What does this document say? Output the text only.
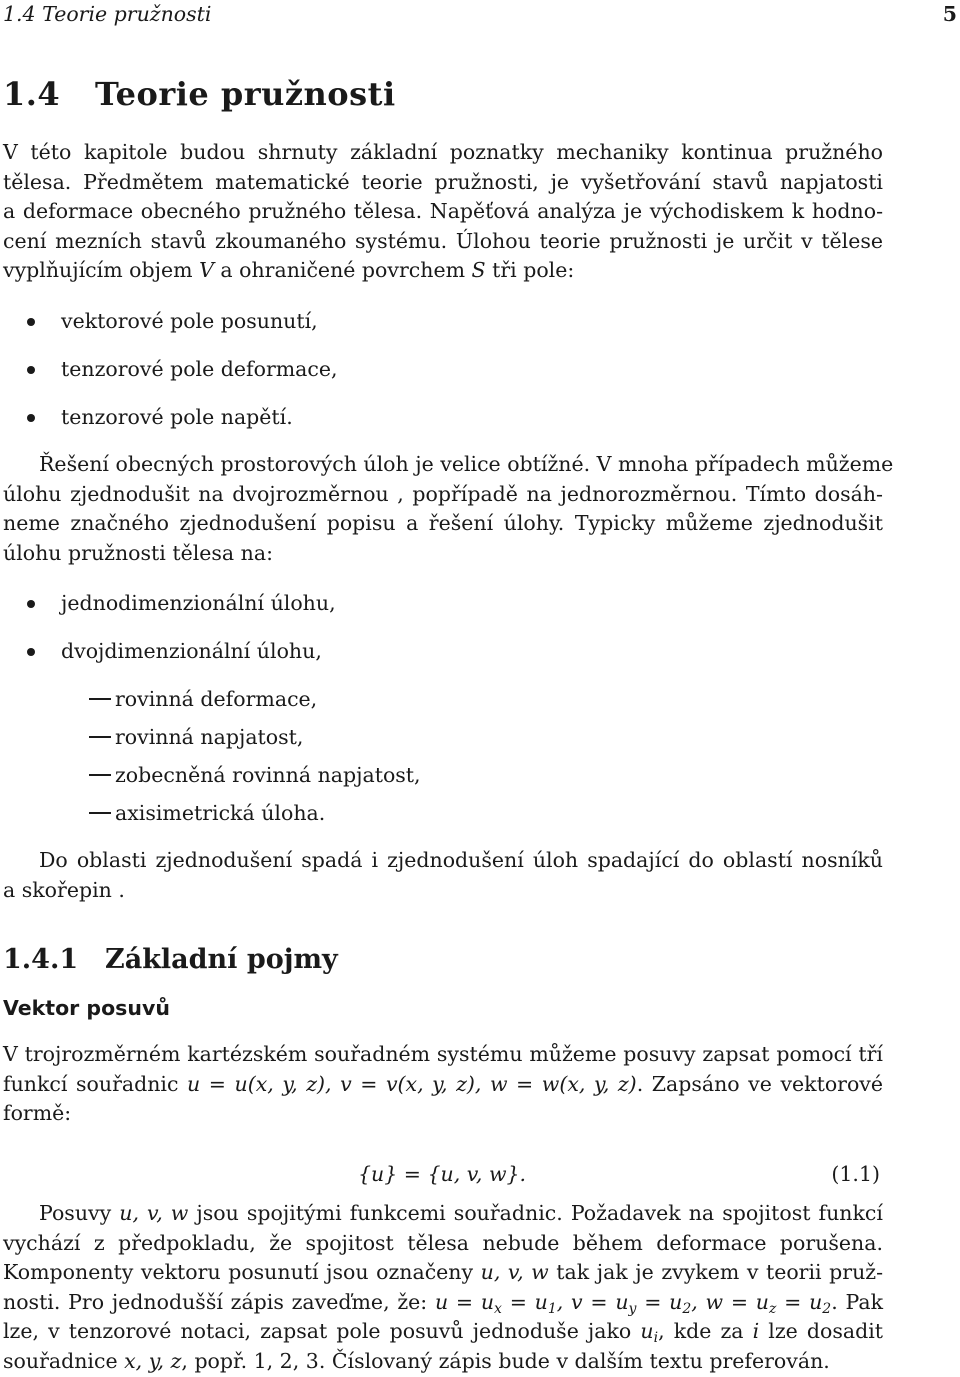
1.4 Teorie pružnosti	5
1.4 Teorie pružnosti
V této kapitole budou shrnuty základní poznatky mechaniky kontinua pružného
tělesa. Předmětem matematické teorie pružnosti, je vyšetřování stavů napjatosti
a deformace obecného pružného tělesa. Napěťová analýza je východiskem k hodno-
cení mezních stavů zkoumaného systému. Úlohou teorie pružnosti je určit v tělese
vyplňujícím objem V a ohraničené povrchem S tři pole:
vektorové pole posunutí,
tenzorové pole deformace,
tenzorové pole napětí.
Řešení obecných prostorových úloh je velice obtížné. V mnoha případech můžeme
úlohu zjednodušit na dvojrozměrnou , popřípadě na jednorozměrnou. Tímto dosáh-
neme značného zjednodušení popisu a řešení úlohy. Typicky můžeme zjednodušit
úlohu pružnosti tělesa na:
jednodimenzionální úlohu,
dvojdimenzionální úlohu,
rovinná deformace,
rovinná napjatost,
zobecněná rovinná napjatost,
axisimetrická úloha.
Do oblasti zjednodušení spadá i zjednodušení úloh spadající do oblastí nosníků
a skořepin .
1.4.1 Základní pojmy
Vektor posuvů
V trojrozměrném kartézském souřadném systému můžeme posuvy zapsat pomocí tří
funkcí souřadnic u = u(x, y, z), v = v(x, y, z), w = w(x, y, z). Zapsáno ve vektorové
formě:
{u} = {u, v, w}.	(1.1)
Posuvy u, v, w jsou spojitými funkcemi souřadnic. Požadavek na spojitost funkcí
vychází z předpokladu, že spojitost tělesa nebude během deformace porušena.
Komponenty vektoru posunutí jsou označeny u, v, w tak jak je zvykem v teorii pruž-
nosti. Pro jednodušší zápis zaveďme, že: $u = u_x = u_1$, $v = u_y = u_2$, $w = u_z = u_2$. Pak
lze, v tenzorové notaci, zapsat pole posuvů jednoduše jako $u_i$, kde za i lze dosadit
souřadnice x, y, z, popř. 1, 2, 3. Číslovaný zápis bude v dalším textu preferován.
